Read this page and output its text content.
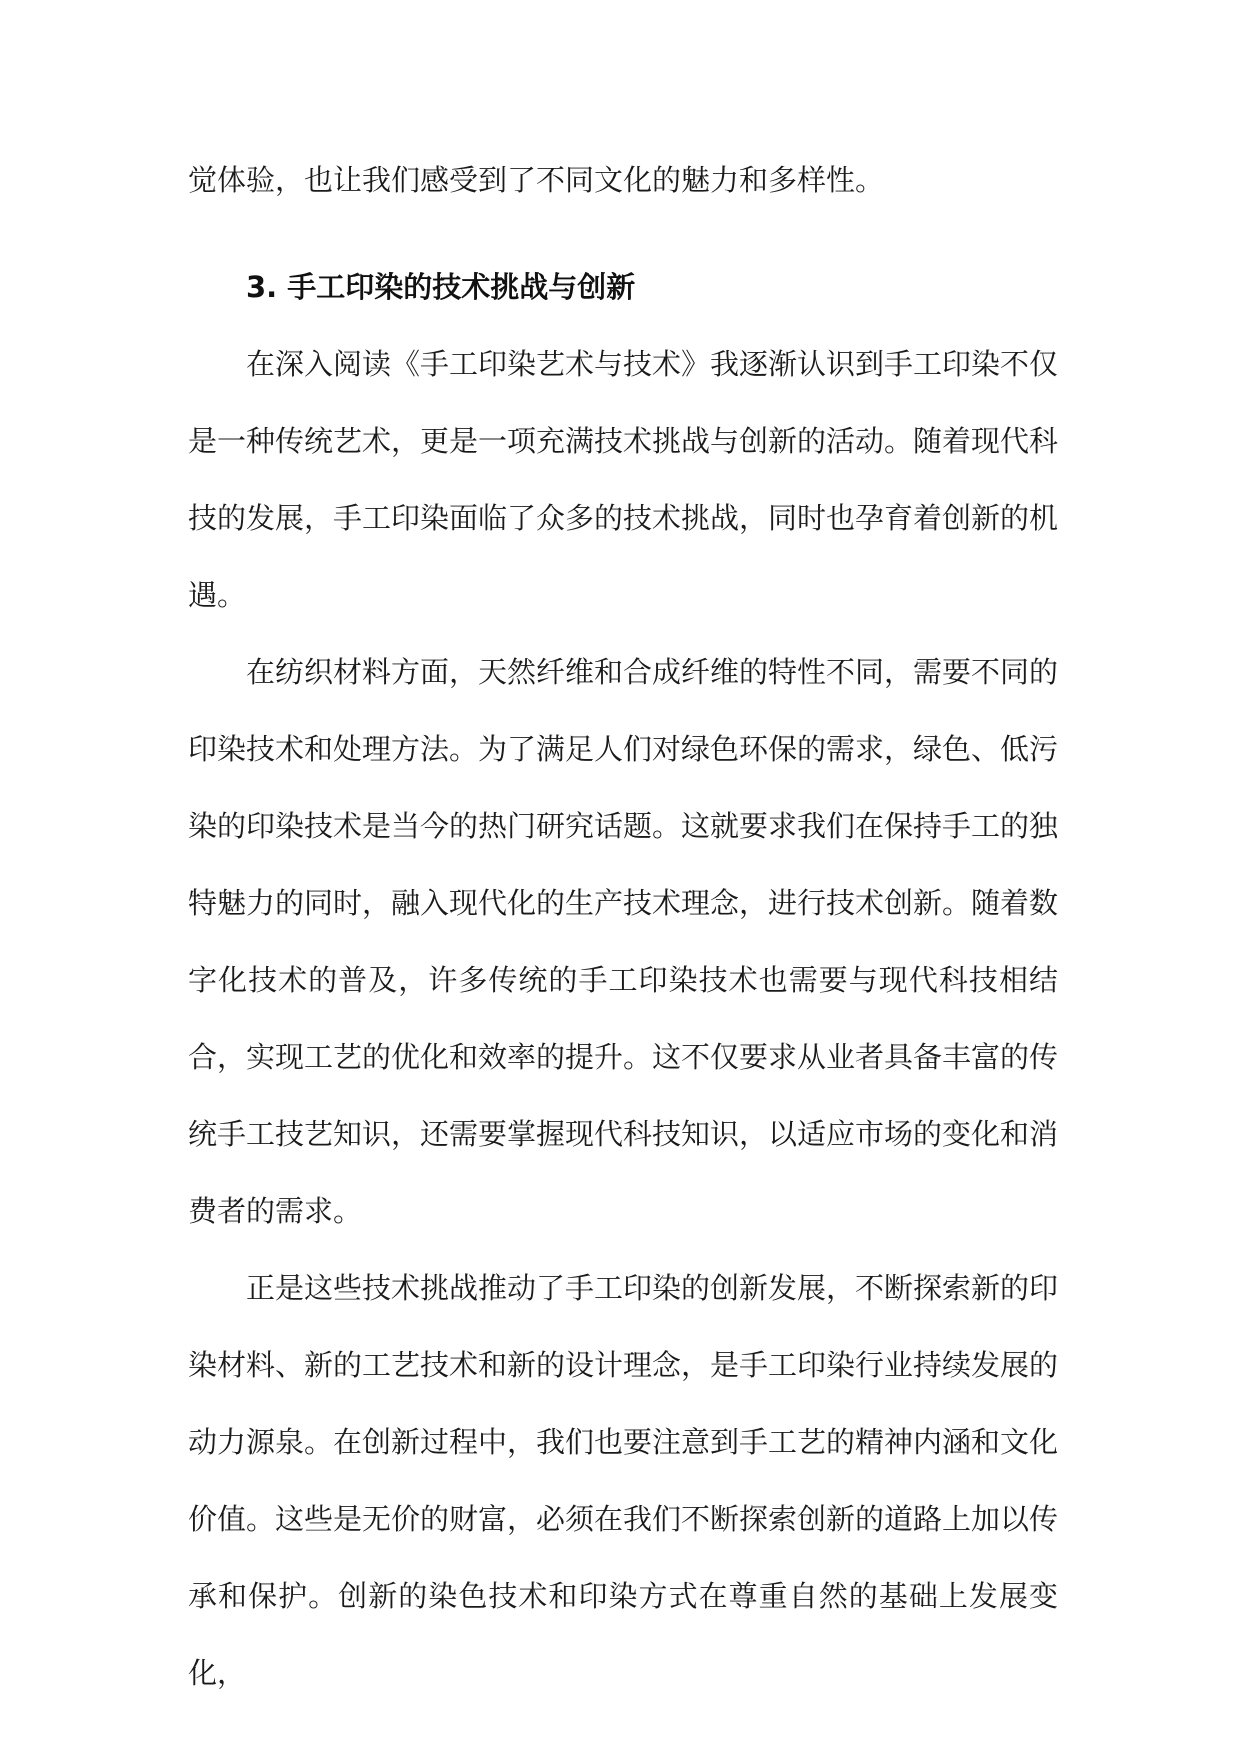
觉体验，也让我们感受到了不同文化的魅力和多样性。

3. 手工印染的技术挑战与创新

在深入阅读《手工印染艺术与技术》我逐渐认识到手工印染不仅是一种传统艺术，更是一项充满技术挑战与创新的活动。随着现代科技的发展，手工印染面临了众多的技术挑战，同时也孕育着创新的机遇。

在纺织材料方面，天然纤维和合成纤维的特性不同，需要不同的印染技术和处理方法。为了满足人们对绿色环保的需求，绿色、低污染的印染技术是当今的热门研究话题。这就要求我们在保持手工的独特魅力的同时，融入现代化的生产技术理念，进行技术创新。随着数字化技术的普及，许多传统的手工印染技术也需要与现代科技相结合，实现工艺的优化和效率的提升。这不仅要求从业者具备丰富的传统手工技艺知识，还需要掌握现代科技知识，以适应市场的变化和消费者的需求。

正是这些技术挑战推动了手工印染的创新发展，不断探索新的印染材料、新的工艺技术和新的设计理念，是手工印染行业持续发展的动力源泉。在创新过程中，我们也要注意到手工艺的精神内涵和文化价值。这些是无价的财富，必须在我们不断探索创新的道路上加以传承和保护。创新的染色技术和印染方式在尊重自然的基础上发展变化，
